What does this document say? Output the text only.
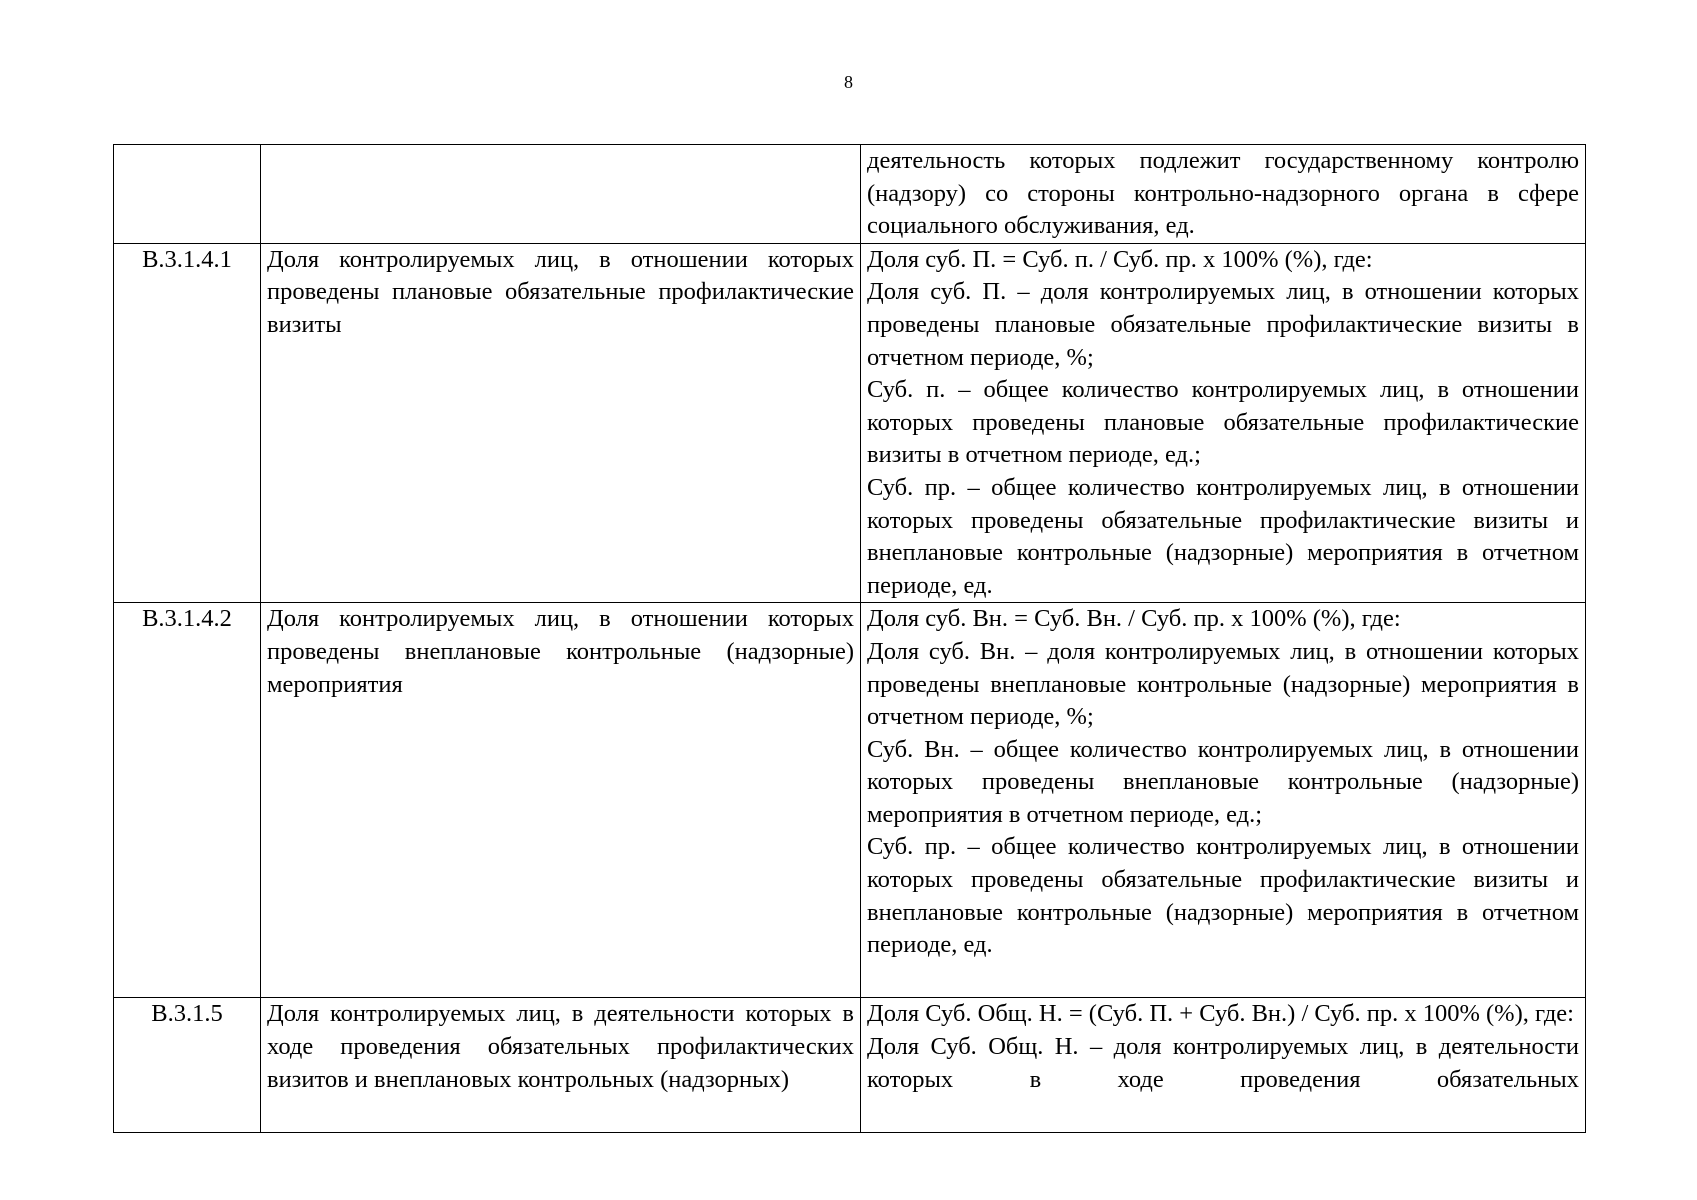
8

		деятельность которых подлежит государственному контролю (надзору) со стороны контрольно-надзорного органа в сфере социального обслуживания, ед.

В.3.1.4.1	Доля контролируемых лиц, в отношении которых проведены плановые обязательные профилактические визиты	Доля суб. П. = Суб. п. / Суб. пр. х 100% (%), где:
Доля суб. П. – доля контролируемых лиц, в отношении которых проведены плановые обязательные профилактические визиты в отчетном периоде, %;
Суб. п. – общее количество контролируемых лиц, в отношении которых проведены плановые обязательные профилактические визиты в отчетном периоде, ед.;
Суб. пр. – общее количество контролируемых лиц, в отношении которых проведены обязательные профилактические визиты и внеплановые контрольные (надзорные) мероприятия в отчетном периоде, ед.

В.3.1.4.2	Доля контролируемых лиц, в отношении которых проведены внеплановые контрольные (надзорные) мероприятия	Доля суб. Вн. = Суб. Вн. / Суб. пр. х 100% (%), где:
Доля суб. Вн. – доля контролируемых лиц, в отношении которых проведены внеплановые контрольные (надзорные) мероприятия в отчетном периоде, %;
Суб. Вн. – общее количество контролируемых лиц, в отношении которых проведены внеплановые контрольные (надзорные) мероприятия в отчетном периоде, ед.;
Суб. пр. – общее количество контролируемых лиц, в отношении которых проведены обязательные профилактические визиты и внеплановые контрольные (надзорные) мероприятия в отчетном периоде, ед.

В.3.1.5	Доля контролируемых лиц, в деятельности которых в ходе проведения обязательных профилактических визитов и внеплановых контрольных (надзорных)	Доля Суб. Общ. Н. = (Суб. П. + Суб. Вн.) / Суб. пр. х 100% (%), где:
Доля Суб. Общ. Н. – доля контролируемых лиц, в деятельности которых в ходе проведения обязательных
